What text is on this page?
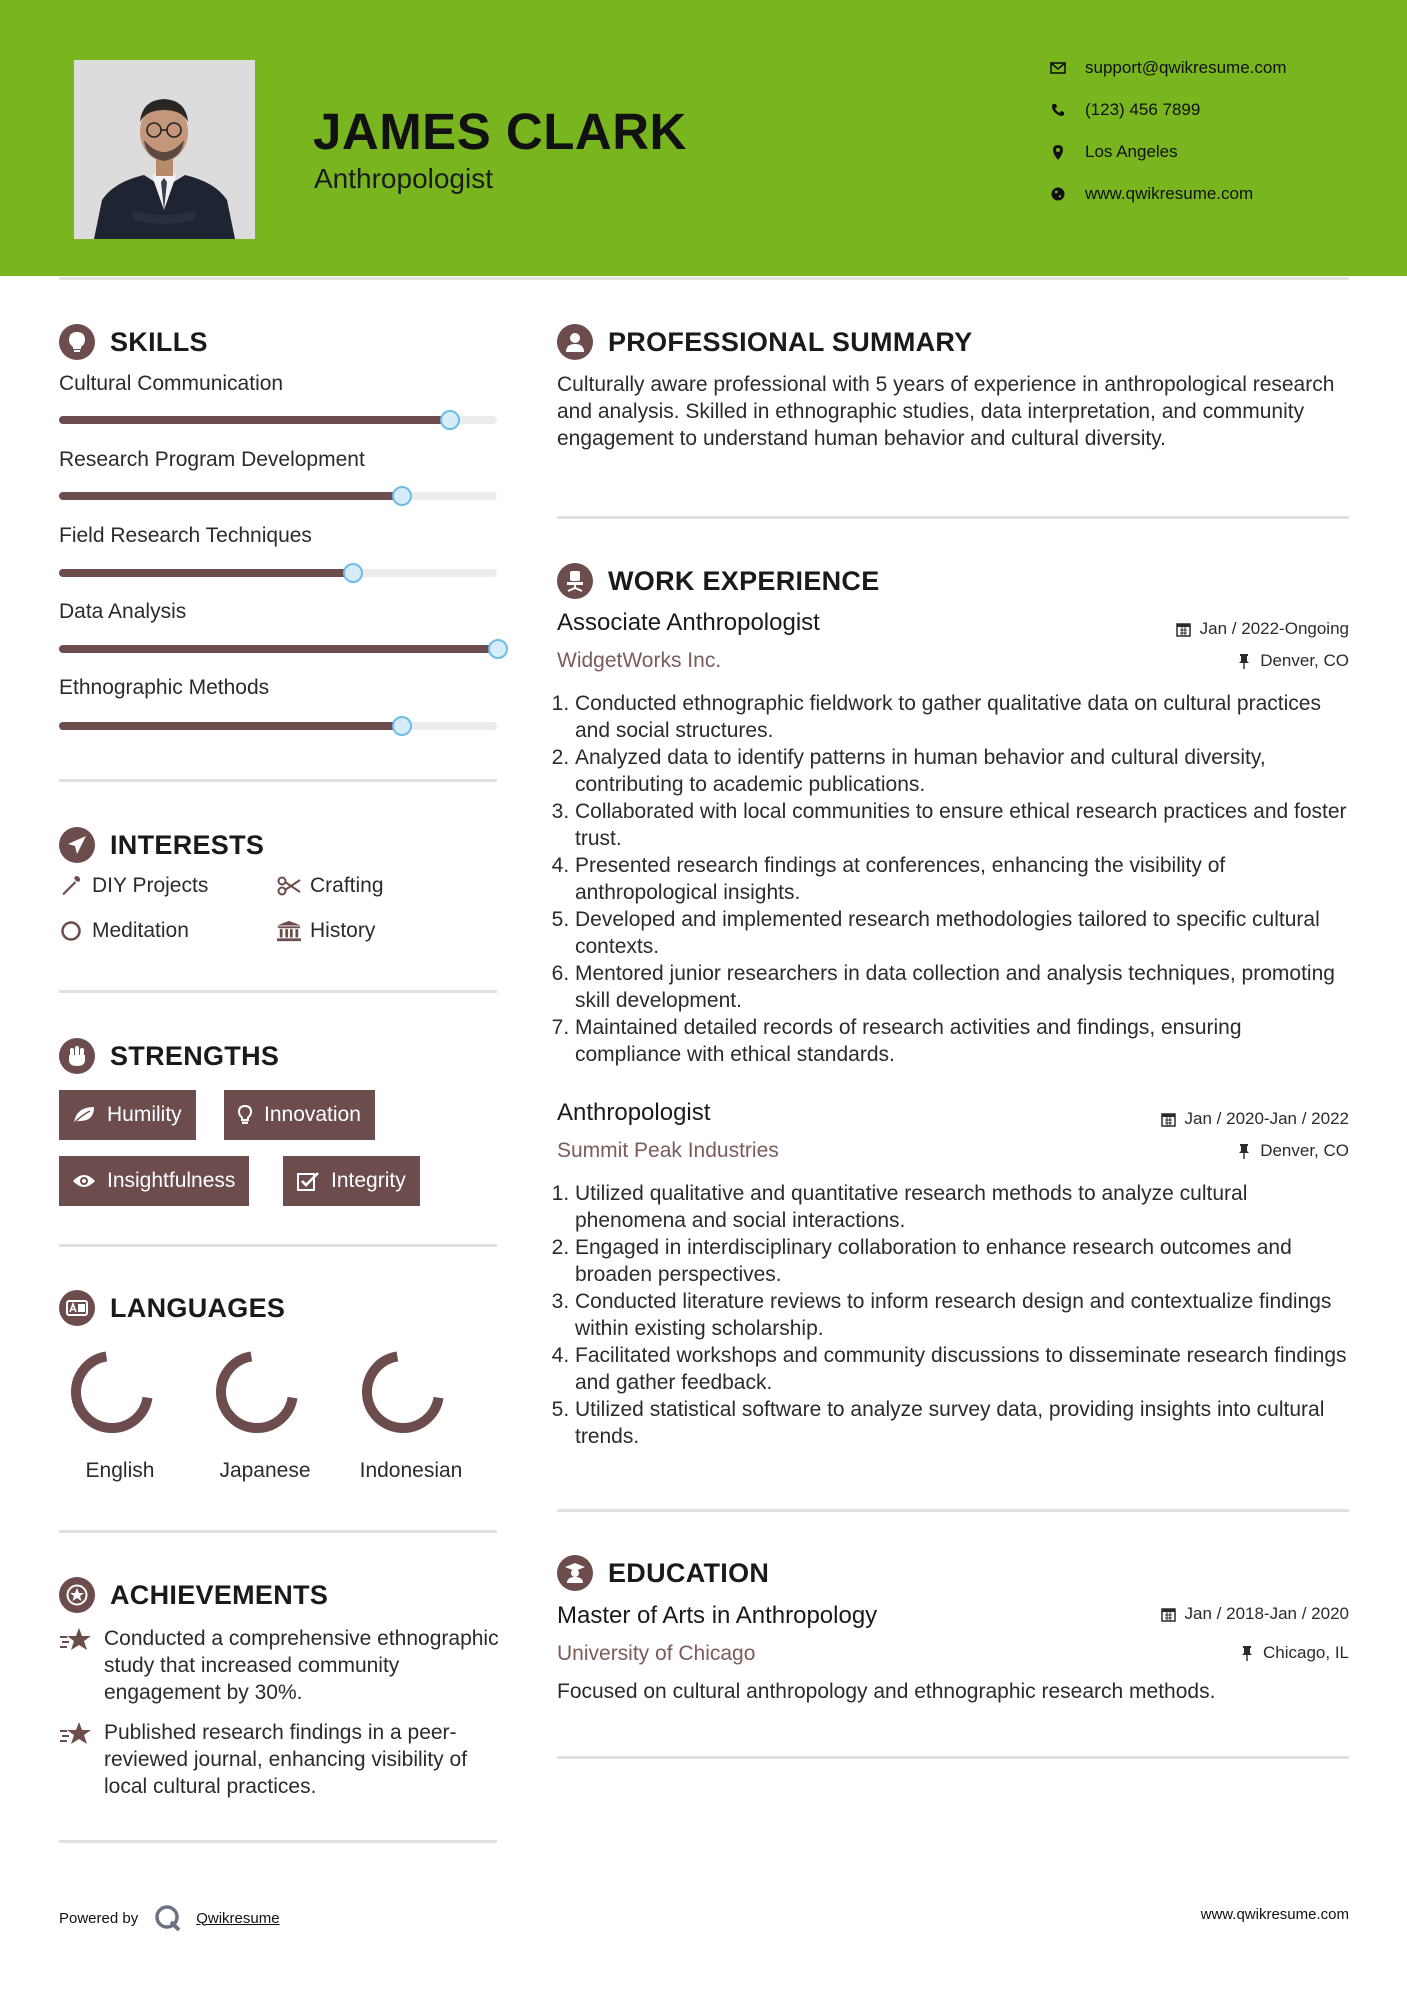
JAMES CLARK
Anthropologist
support@qwikresume.com
(123) 456 7899
Los Angeles
www.qwikresume.com
SKILLS
Cultural Communication
Research Program Development
Field Research Techniques
Data Analysis
Ethnographic Methods
INTERESTS
DIY Projects	Crafting
Meditation	History
STRENGTHS
Humility	Innovation
Insightfulness	Integrity
LANGUAGES
English	Japanese	Indonesian
ACHIEVEMENTS
Conducted a comprehensive ethnographic study that increased community engagement by 30%.
Published research findings in a peer-reviewed journal, enhancing visibility of local cultural practices.
PROFESSIONAL SUMMARY
Culturally aware professional with 5 years of experience in anthropological research and analysis. Skilled in ethnographic studies, data interpretation, and community engagement to understand human behavior and cultural diversity.
WORK EXPERIENCE
Associate Anthropologist
WidgetWorks Inc.
Jan / 2022-Ongoing
Denver, CO
1. Conducted ethnographic fieldwork to gather qualitative data on cultural practices and social structures.
2. Analyzed data to identify patterns in human behavior and cultural diversity, contributing to academic publications.
3. Collaborated with local communities to ensure ethical research practices and foster trust.
4. Presented research findings at conferences, enhancing the visibility of anthropological insights.
5. Developed and implemented research methodologies tailored to specific cultural contexts.
6. Mentored junior researchers in data collection and analysis techniques, promoting skill development.
7. Maintained detailed records of research activities and findings, ensuring compliance with ethical standards.
Anthropologist
Summit Peak Industries
Jan / 2020-Jan / 2022
Denver, CO
1. Utilized qualitative and quantitative research methods to analyze cultural phenomena and social interactions.
2. Engaged in interdisciplinary collaboration to enhance research outcomes and broaden perspectives.
3. Conducted literature reviews to inform research design and contextualize findings within existing scholarship.
4. Facilitated workshops and community discussions to disseminate research findings and gather feedback.
5. Utilized statistical software to analyze survey data, providing insights into cultural trends.
EDUCATION
Master of Arts in Anthropology
University of Chicago
Jan / 2018-Jan / 2020
Chicago, IL
Focused on cultural anthropology and ethnographic research methods.
Powered by	Qwikresume	www.qwikresume.com
